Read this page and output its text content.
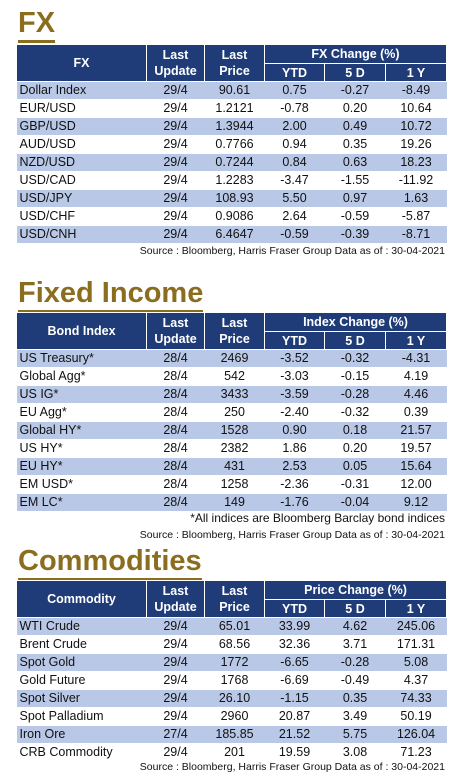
FX
FX	Last Update	Last Price	FX Change (%)		
			YTD	5 D	1 Y
Dollar Index	29/4	90.61	0.75	-0.27	-8.49
EUR/USD	29/4	1.2121	-0.78	0.20	10.64
GBP/USD	29/4	1.3944	2.00	0.49	10.72
AUD/USD	29/4	0.7766	0.94	0.35	19.26
NZD/USD	29/4	0.7244	0.84	0.63	18.23
USD/CAD	29/4	1.2283	-3.47	-1.55	-11.92
USD/JPY	29/4	108.93	5.50	0.97	1.63
USD/CHF	29/4	0.9086	2.64	-0.59	-5.87
USD/CNH	29/4	6.4647	-0.59	-0.39	-8.71
Source : Bloomberg, Harris Fraser Group Data as of : 30-04-2021
Fixed Income
Bond Index	Last Update	Last Price	Index Change (%)		
			YTD	5 D	1 Y
US Treasury*	28/4	2469	-3.52	-0.32	-4.31
Global Agg*	28/4	542	-3.03	-0.15	4.19
US IG*	28/4	3433	-3.59	-0.28	4.46
EU Agg*	28/4	250	-2.40	-0.32	0.39
Global HY*	28/4	1528	0.90	0.18	21.57
US HY*	28/4	2382	1.86	0.20	19.57
EU HY*	28/4	431	2.53	0.05	15.64
EM USD*	28/4	1258	-2.36	-0.31	12.00
EM LC*	28/4	149	-1.76	-0.04	9.12
*All indices are Bloomberg Barclay bond indices
Source : Bloomberg, Harris Fraser Group Data as of : 30-04-2021
Commodities
Commodity	Last Update	Last Price	Price Change (%)		
			YTD	5 D	1 Y
WTI Crude	29/4	65.01	33.99	4.62	245.06
Brent Crude	29/4	68.56	32.36	3.71	171.31
Spot Gold	29/4	1772	-6.65	-0.28	5.08
Gold Future	29/4	1768	-6.69	-0.49	4.37
Spot Silver	29/4	26.10	-1.15	0.35	74.33
Spot Palladium	29/4	2960	20.87	3.49	50.19
Iron Ore	27/4	185.85	21.52	5.75	126.04
CRB Commodity	29/4	201	19.59	3.08	71.23
Source : Bloomberg, Harris Fraser Group Data as of : 30-04-2021
